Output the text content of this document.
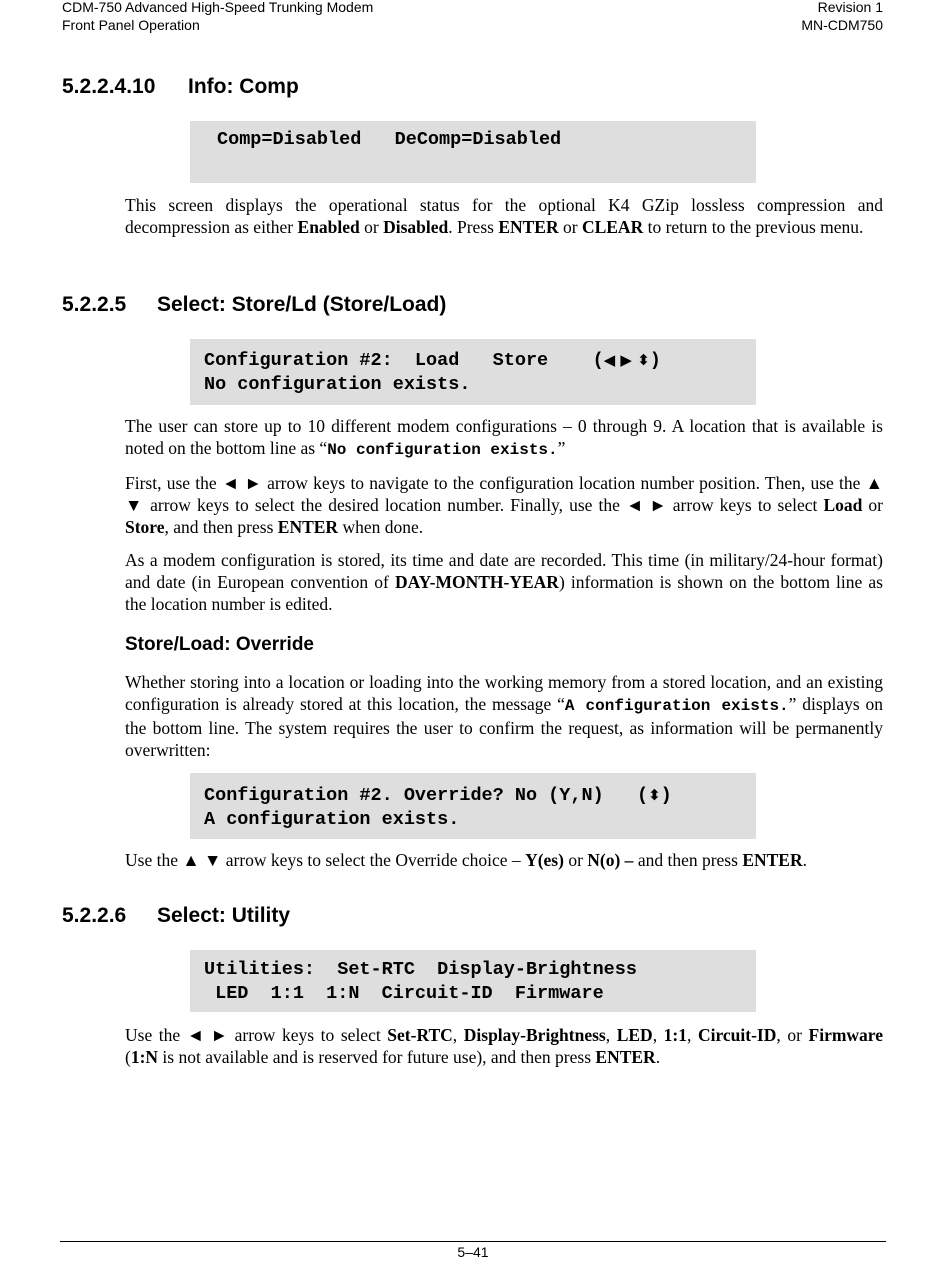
CDM-750 Advanced High-Speed Trunking Modem
Front Panel Operation
Revision 1
MN-CDM750
5.2.2.4.10 Info: Comp
Comp=Disabled   DeComp=Disabled

This screen displays the operational status for the optional K4 GZip lossless compression and decompression as either Enabled or Disabled. Press ENTER or CLEAR to return to the previous menu.

5.2.2.5 Select: Store/Ld (Store/Load)
Configuration #2:  Load   Store    (◀ ▶ ⬍)
No configuration exists.

The user can store up to 10 different modem configurations – 0 through 9. A location that is available is noted on the bottom line as “No configuration exists.”

First, use the ◄ ► arrow keys to navigate to the configuration location number position. Then, use the ▲ ▼ arrow keys to select the desired location number. Finally, use the ◄ ► arrow keys to select Load or Store, and then press ENTER when done.

As a modem configuration is stored, its time and date are recorded. This time (in military/24-hour format) and date (in European convention of DAY-MONTH-YEAR) information is shown on the bottom line as the location number is edited.

Store/Load: Override

Whether storing into a location or loading into the working memory from a stored location, and an existing configuration is already stored at this location, the message “A configuration exists.” displays on the bottom line. The system requires the user to confirm the request, as information will be permanently overwritten:

Configuration #2. Override? No (Y,N)   (⬍)
A configuration exists.

Use the ▲ ▼ arrow keys to select the Override choice – Y(es) or N(o) – and then press ENTER.

5.2.2.6 Select: Utility
Utilities:  Set-RTC  Display-Brightness
LED  1:1  1:N  Circuit-ID  Firmware

Use the ◄ ► arrow keys to select Set-RTC, Display-Brightness, LED, 1:1, Circuit-ID, or Firmware (1:N is not available and is reserved for future use), and then press ENTER.

5–41
